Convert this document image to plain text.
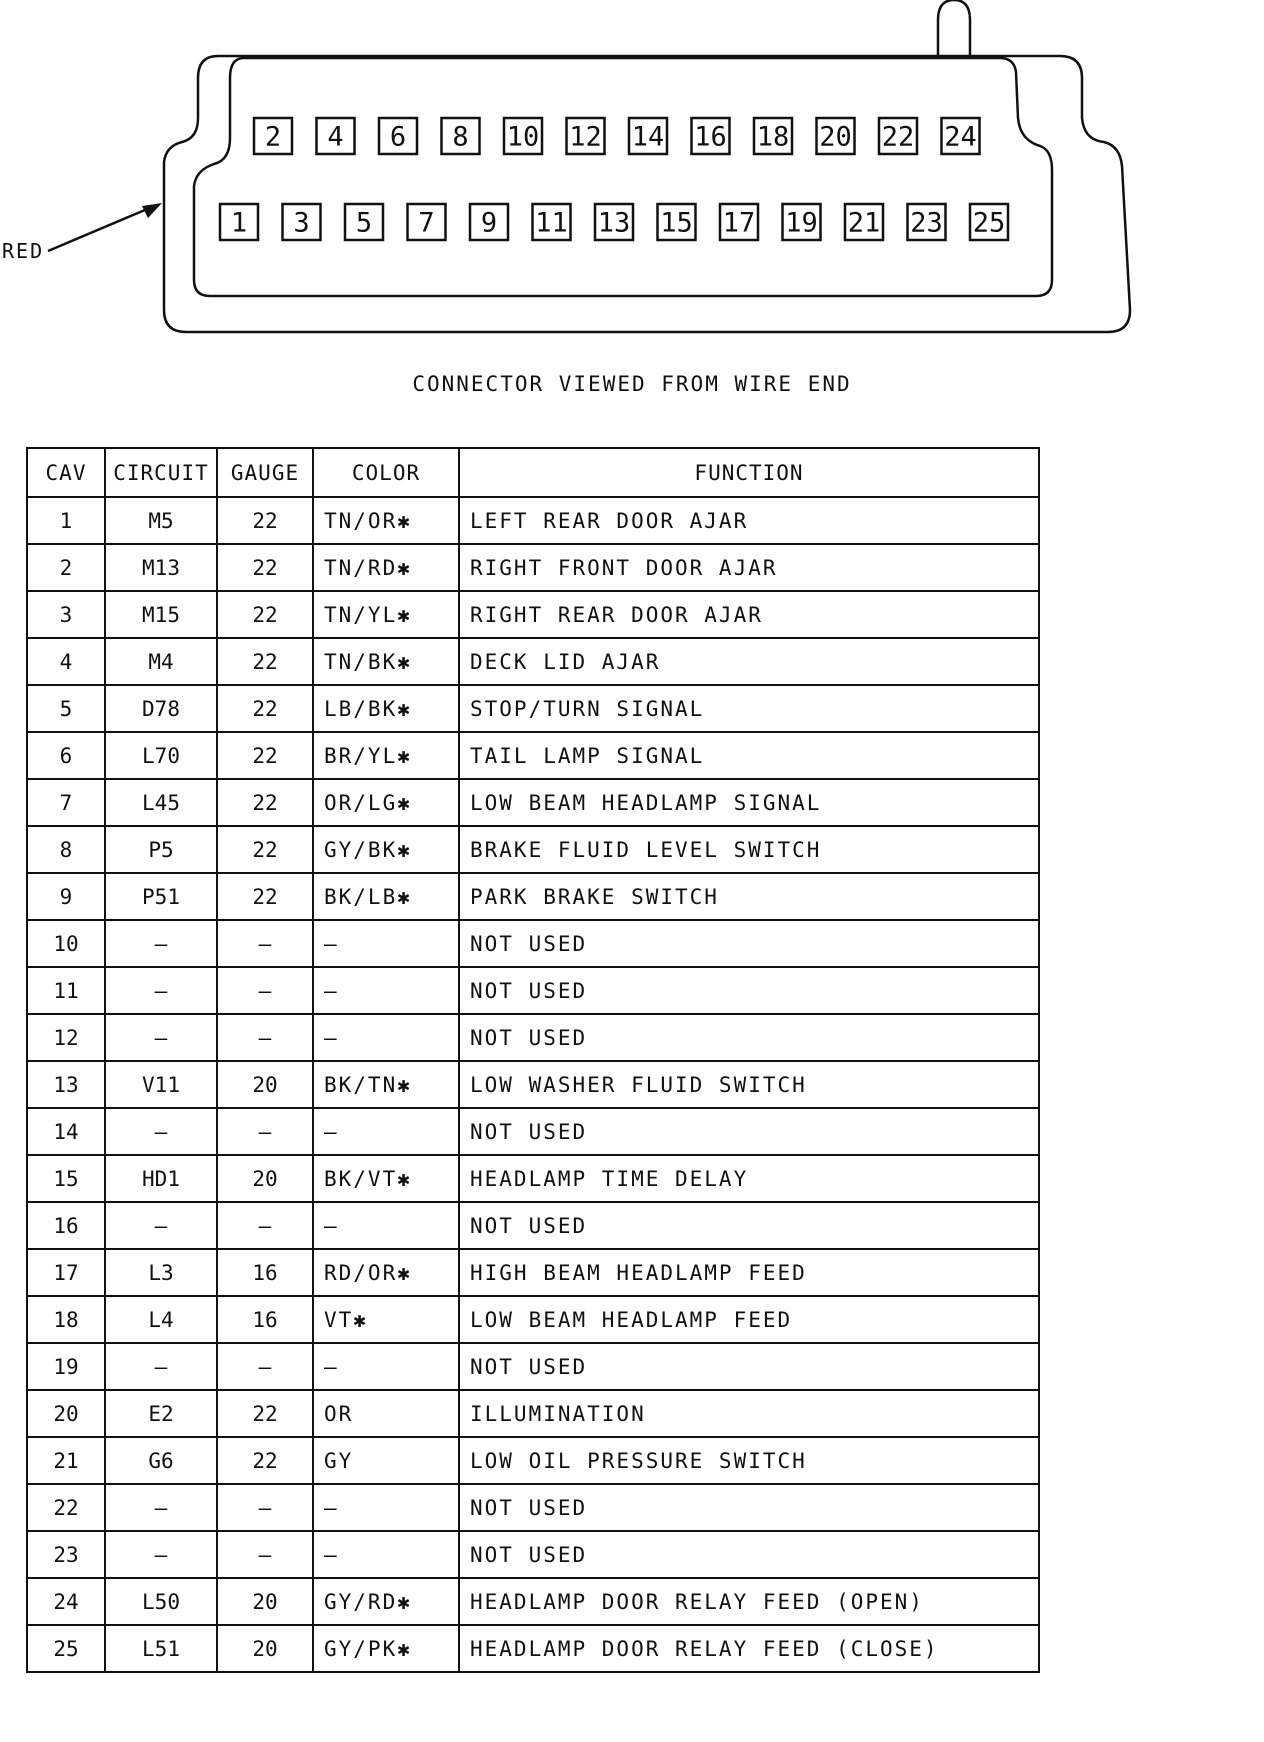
RED
2 4 6 8 10 12 14 16 18 20 22 24
1 3 5 7 9 11 13 15 17 19 21 23 25
CONNECTOR VIEWED FROM WIRE END
CAV	CIRCUIT	GAUGE	COLOR	FUNCTION
1	M5	22	TN/OR✱	LEFT REAR DOOR AJAR
2	M13	22	TN/RD✱	RIGHT FRONT DOOR AJAR
3	M15	22	TN/YL✱	RIGHT REAR DOOR AJAR
4	M4	22	TN/BK✱	DECK LID AJAR
5	D78	22	LB/BK✱	STOP/TURN SIGNAL
6	L70	22	BR/YL✱	TAIL LAMP SIGNAL
7	L45	22	OR/LG✱	LOW BEAM HEADLAMP SIGNAL
8	P5	22	GY/BK✱	BRAKE FLUID LEVEL SWITCH
9	P51	22	BK/LB✱	PARK BRAKE SWITCH
10	—	—	—	NOT USED
11	—	—	—	NOT USED
12	—	—	—	NOT USED
13	V11	20	BK/TN✱	LOW WASHER FLUID SWITCH
14	—	—	—	NOT USED
15	HD1	20	BK/VT✱	HEADLAMP TIME DELAY
16	—	—	—	NOT USED
17	L3	16	RD/OR✱	HIGH BEAM HEADLAMP FEED
18	L4	16	VT✱	LOW BEAM HEADLAMP FEED
19	—	—	—	NOT USED
20	E2	22	OR	ILLUMINATION
21	G6	22	GY	LOW OIL PRESSURE SWITCH
22	—	—	—	NOT USED
23	—	—	—	NOT USED
24	L50	20	GY/RD✱	HEADLAMP DOOR RELAY FEED (OPEN)
25	L51	20	GY/PK✱	HEADLAMP DOOR RELAY FEED (CLOSE)
